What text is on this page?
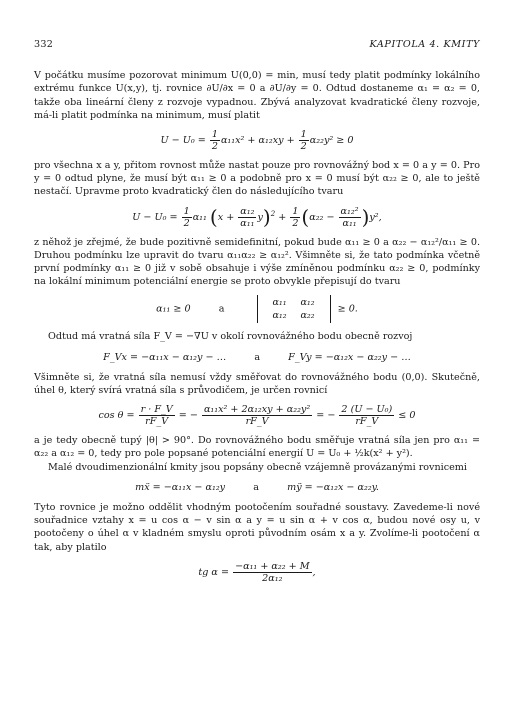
332	KAPITOLA 4. KMITY

V počátku musíme pozorovat minimum U(0,0) = min, musí tedy platit podmínky lokálního extrému funkce U(x,y), tj. rovnice ∂U/∂x = 0 a ∂U/∂y = 0. Odtud dostaneme α₁ = α₂ = 0, takže oba lineární členy z rozvoje vypadnou. Zbývá analyzovat kvadratické členy rozvoje, má-li platit podmínka na minimum, musí platit

$U - U_0 = \frac{1}{2} \alpha_{11}x^2 + \alpha_{12}xy + \frac{1}{2} \alpha_{22}y^2 \ge 0$

pro všechna x a y, přitom rovnost může nastat pouze pro rovnovážný bod x = 0 a y = 0. Pro y = 0 odtud plyne, že musí být α₁₁ ≥ 0 a podobně pro x = 0 musí být α₂₂ ≥ 0, ale to ještě nestačí. Upravme proto kvadratický člen do následujícího tvaru

$U - U_0 = \frac{1}{2} \alpha_{11}$ $(x + \frac{\text{α₁₂}}{\text{α₁₁}} y)^2 + \frac{1}{2} (\alpha_{22} - \frac{\text{α₁₂²}}{\text{α₁₁}} )y^2$,

z něhož je zřejmé, že bude pozitivně semidefinitní, pokud bude α₁₁ ≥ 0 a α₂₂ − α₁₂²/α₁₁ ≥ 0. Druhou podmínku lze upravit do tvaru α₁₁α₂₂ ≥ α₁₂². Všimněte si, že tato podmínka včetně první podmínky α₁₁ ≥ 0 již v sobě obsahuje i výše zmíněnou podmínku α₂₂ ≥ 0, podmínky na lokální minimum potenciální energie se proto obvykle přepisují do tvaru

α₁₁ ≥ 0	a  α₁₁ α₁₂
α₁₂ α₂₂ ≥ 0.

Odtud má vratná síla F_V = −∇U v okolí rovnovážného bodu obecně rozvoj

F_Vx = −α₁₁x − α₁₂y − …	a	F_Vy = −α₁₂x − α₂₂y − …

Všimněte si, že vratná síla nemusí vždy směřovat do rovnovážného bodu (0,0). Skutečně, úhel θ, který svírá vratná síla s průvodičem, je určen rovnicí

$\cos \theta = \frac{r \cdot F\_V}{rF\_V}$ = − $\frac{\text{α₁₁x² + 2α₁₂xy + α₂₂y²}}{rF\_V}$ = − $\frac{\text{2 (U − U₀)}}{rF\_V} \le 0$

a je tedy obecně tupý |θ| > 90°. Do rovnovážného bodu směřuje vratná síla jen pro α₁₁ = α₂₂ a α₁₂ = 0, tedy pro pole popsané potenciální energií U = U₀ + ½k(x² + y²).

Malé dvoudimenzionální kmity jsou popsány obecně vzájemně provázanými rovnicemi

mẍ = −α₁₁x − α₁₂y	a	mÿ = −α₁₂x − α₂₂y.

Tyto rovnice je možno oddělit vhodným pootočením souřadné soustavy. Zavedeme-li nové souřadnice vztahy x = u cos α − v sin α a y = u sin α + v cos α, budou nové osy u, v pootočeny o úhel α v kladném smyslu oproti původním osám x a y. Zvolíme-li pootočení α tak, aby platilo

tg $\alpha = \frac{\text{−α₁₁ + α₂₂ + M}}{\text{2α₁₂}}$ ,
